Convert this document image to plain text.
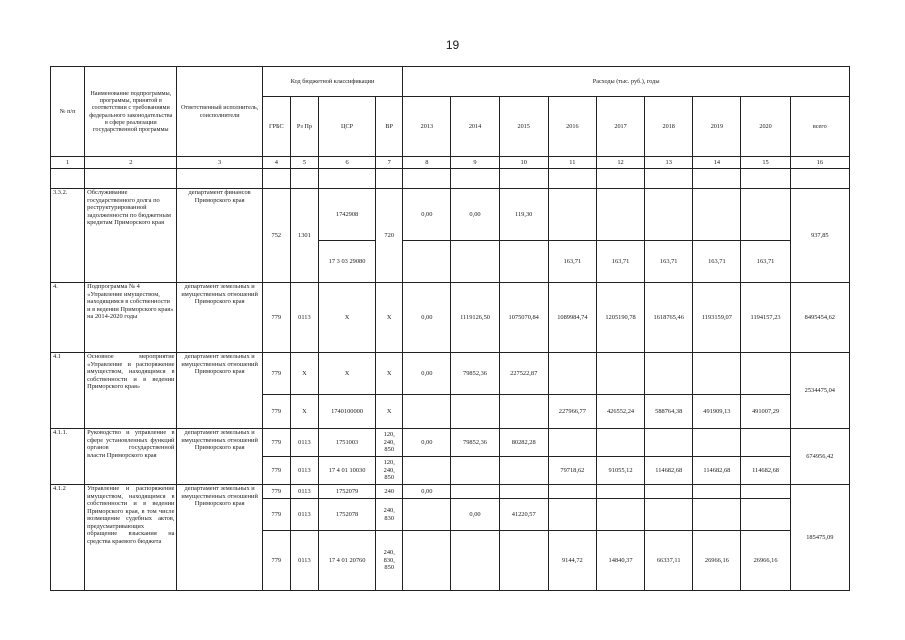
19
№ п/п	Наименование подпрограммы, программы, принятой в соответствии с требованиями федерального законодательства в сфере реализации государственной программы	Ответственный исполнитель, соисполнители	Код бюджетной классификации				Расходы (тыс. руб.), годы								
			ГРБС	Рз Пр	ЦСР	ВР	2013	2014	2015	2016	2017	2018	2019	2020	всего
1	2	3	4	5	6	7	8	9	10	11	12	13	14	15	16

3.3.2.	Обслуживание государственного долга по реструктурированной задолженности по бюджетным кредитам Приморского края	департамент финансов Приморского края	752	1301	1742908	720	0,00	0,00	119,30						937,85
					17 3 03 29080					163,71	163,71	163,71	163,71	163,71	
4.	Подпрограмма № 4 «Управление имуществом, находящимся в собственности и в ведении Приморского края» на 2014-2020 годы	департамент земельных и имущественных отношений Приморского края	779	0113	Х	Х	0,00	1119126,50	1075070,84	1089984,74	1205190,78	1618765,46	1193159,07	1194157,23	8495454,62
4.1	Основное мероприятие «Управление и распоряжение имуществом, находящимся в собственности и в ведении Приморского края»	департамент земельных и имущественных отношений Приморского края	779	Х	Х	Х	0,00	79852,36	227522,87						2534475,04
			779	Х	1740100000	Х				227966,77	426552,24	588764,38	491909,13	491007,29	
4.1.1.	Руководство и управление в сфере установленных функций органов государственной власти Приморского края	департамент земельных и имущественных отношений Приморского края	779	0113	1751003	120, 240, 850	0,00	79852,36	80282,28						674956,42
			779	0113	17 4 01 10030	120, 240, 850				79718,62	91055,12	114682,68	114682,68	114682,68	
4.1.2	Управление и распоряжение имуществом, находящимся в собственности и в ведении Приморского края, в том числе возмещение судебных актов, предусматривающих обращение взыскания на средства краевого бюджета	департамент земельных и имущественных отношений Приморского края	779	0113	1752079	240	0,00								185475,09
			779	0113	1752078	240, 830		0,00	41220,57						
			779	0113	17 4 01 20760	240, 830, 850				9144,72	14840,37	66337,11	26966,16	26966,16	
